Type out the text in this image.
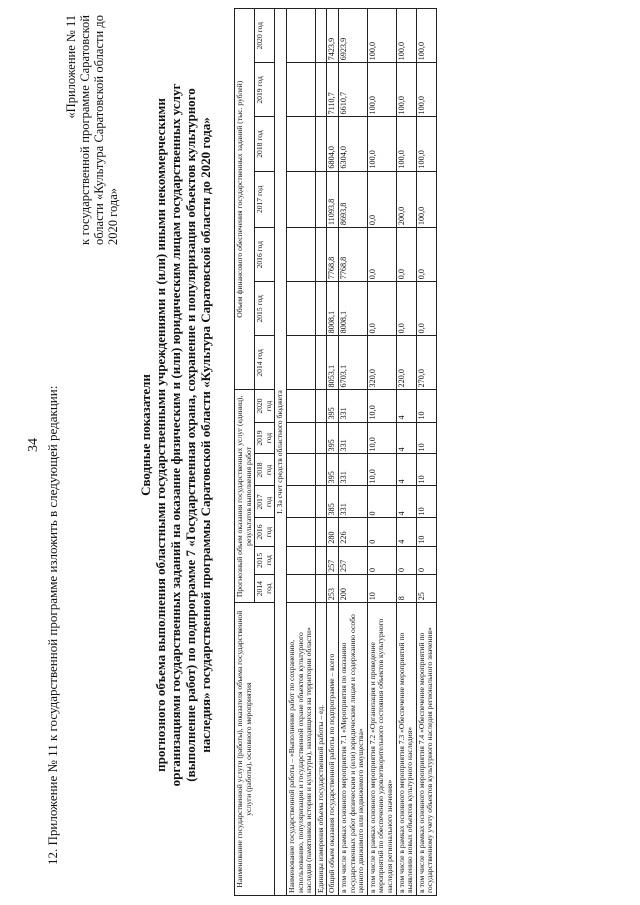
34 12. Приложение № 11 к государственной программе изложить в следующей редакции:
«Приложение № 11 к государственной программе Саратовской области «Культура Саратовской области до 2020 года»
Сводные показатели прогнозного объема выполнения областными государственными учреждениями и (или) иными некоммерческими организациями государственных заданий на оказание физическим и (или) юридическим лицам государственных услуг (выполнение работ) по подпрограмме 7 «Государственная охрана, сохранение и популяризация объектов культурного наследия» государственной программы Саратовской области «Культура Саратовской области до 2020 года»	Наименование государственной услуги (работы), показателя объема государственной услуги (работы), основного мероприятия	Прогнозный объем оказания государственных услуг (единиц), результатов выполнения работ							Объем финансового обеспечения государственных заданий (тыс. рублей)						
	2014 год	2015 год	2016 год	2017 год	2018 год	2019 год	2020 год	2014 год	2015 год	2016 год	2017 год	2018 год	2019 год	2020 год
I. За счет средств областного бюджета														
Наименование государственной работы – «Выполнение работ по сохранению, использованию, популяризации и государственной охране объектов культурного наследия (памятников истории и культуры), находящихся на территории области»														
Единицы измерения объема государственной работы – ед.														
Общий объем оказания государственной работы по подпрограмме – всего	253	257	280	385	395	395	395	8053,1	8008,1	7768,8	11093,8	6804,0	7110,7	7423,9
в том числе в рамках основного мероприятия 7.1 «Мероприятия по оказанию государственных работ физическим и (или) юридическим лицам и содержанию особо ценного движимого или недвижимого имущества»	200	257	226	331	331	331	331	6703,1	8008,1	7768,8	8693,8	6304,0	6610,7	6923,9
в том числе в рамках основного мероприятия 7.2 «Организация и проведение мероприятий по обеспечению удовлетворительного состояния объектов культурного наследия регионального значения»	10	0	0	0	10,0	10,0	10,0	320,0	0,0	0,0	0,0	100,0	100,0	100,0
в том числе в рамках основного мероприятия 7.3 «Обеспечение мероприятий по выявлению новых объектов культурного наследия»	8	0	4	4	4	4	4	220,0	0,0	0,0	200,0	100,0	100,0	100,0
в том числе в рамках основного мероприятия 7.4 «Обеспечение мероприятий по государственному учету объектов культурного наследия регионального значения»	25	0	10	10	10	10	10	270,0	0,0	0,0	100,0	100,0	100,0	100,0
